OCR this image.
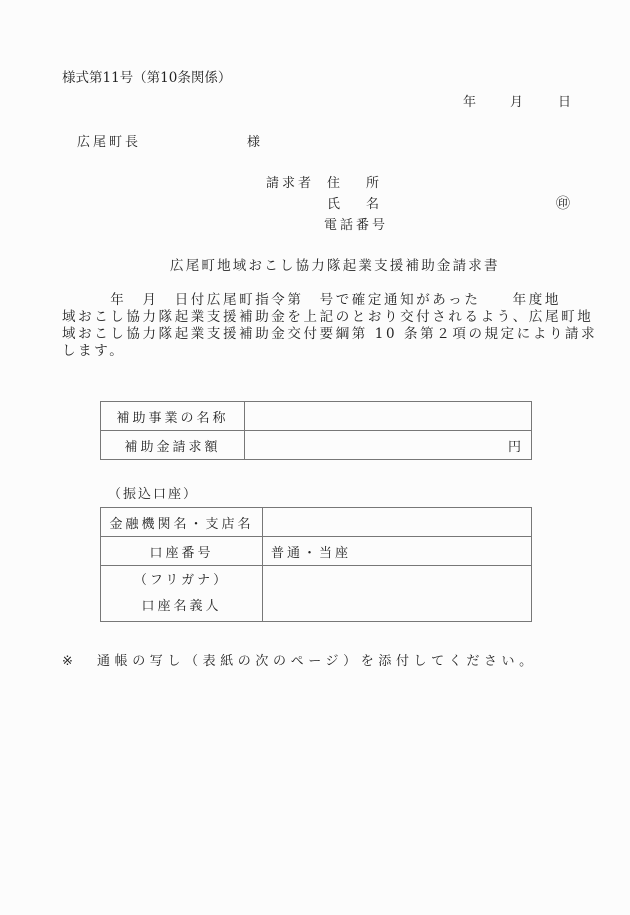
様式第11号（第10条関係）
年	月	日
広尾町長	様
請求者 住　　所
氏　　名	㊞
電話番号
広尾町地域おこし協力隊起業支援補助金請求書
　　　年　月　日付広尾町指令第　号で確定通知があった　　年度地
域おこし協力隊起業支援補助金を上記のとおり交付されるよう、広尾町地
域おこし協力隊起業支援補助金交付要綱第 10 条第２項の規定により請求
します。
補助事業の名称	
補助金請求額	円
（振込口座）
金融機関名・支店名	
口座番号	普通・当座

（フリガナ）
口座名義人	

※ 通帳の写し（表紙の次のページ）を添付してください。
